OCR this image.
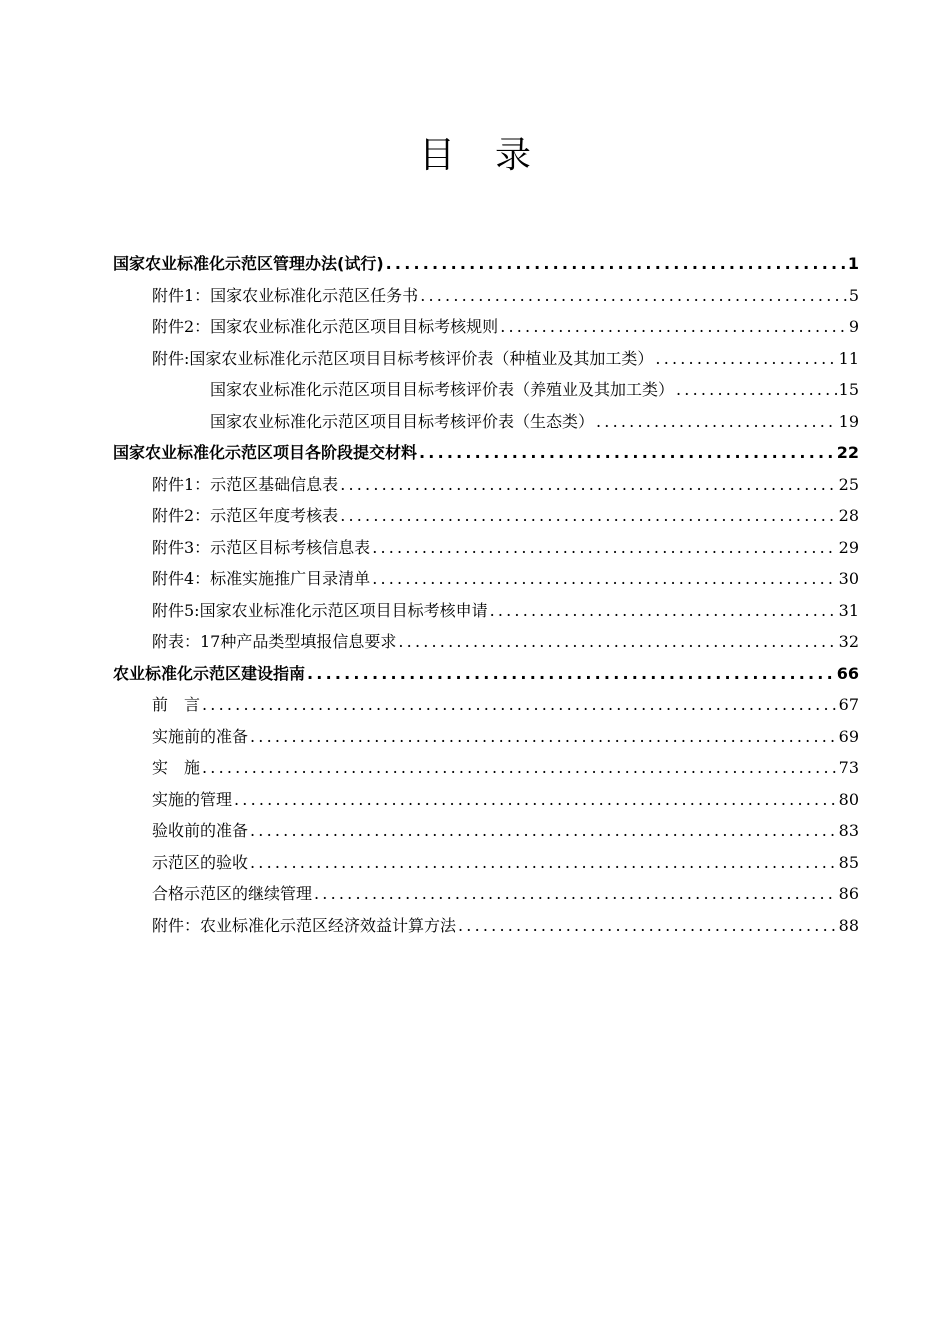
目录
国家农业标准化示范区管理办法(试行) .....	1
附件1：国家农业标准化示范区任务书 .....	5
附件2：国家农业标准化示范区项目目标考核规则 .....	9
附件:国家农业标准化示范区项目目标考核评价表（种植业及其加工类） .....	11
国家农业标准化示范区项目目标考核评价表（养殖业及其加工类） .....	15
国家农业标准化示范区项目目标考核评价表（生态类） .....	19
国家农业标准化示范区项目各阶段提交材料 .....	22
附件1：示范区基础信息表 .....	25
附件2：示范区年度考核表 .....	28
附件3：示范区目标考核信息表 .....	29
附件4：标准实施推广目录清单 .....	30
附件5:国家农业标准化示范区项目目标考核申请 .....	31
附表：17种产品类型填报信息要求 .....	32
农业标准化示范区建设指南 .....	66
前　言 .....	67
实施前的准备 .....	69
实　施 .....	73
实施的管理 .....	80
验收前的准备 .....	83
示范区的验收 .....	85
合格示范区的继续管理 .....	86
附件：农业标准化示范区经济效益计算方法 .....	88
